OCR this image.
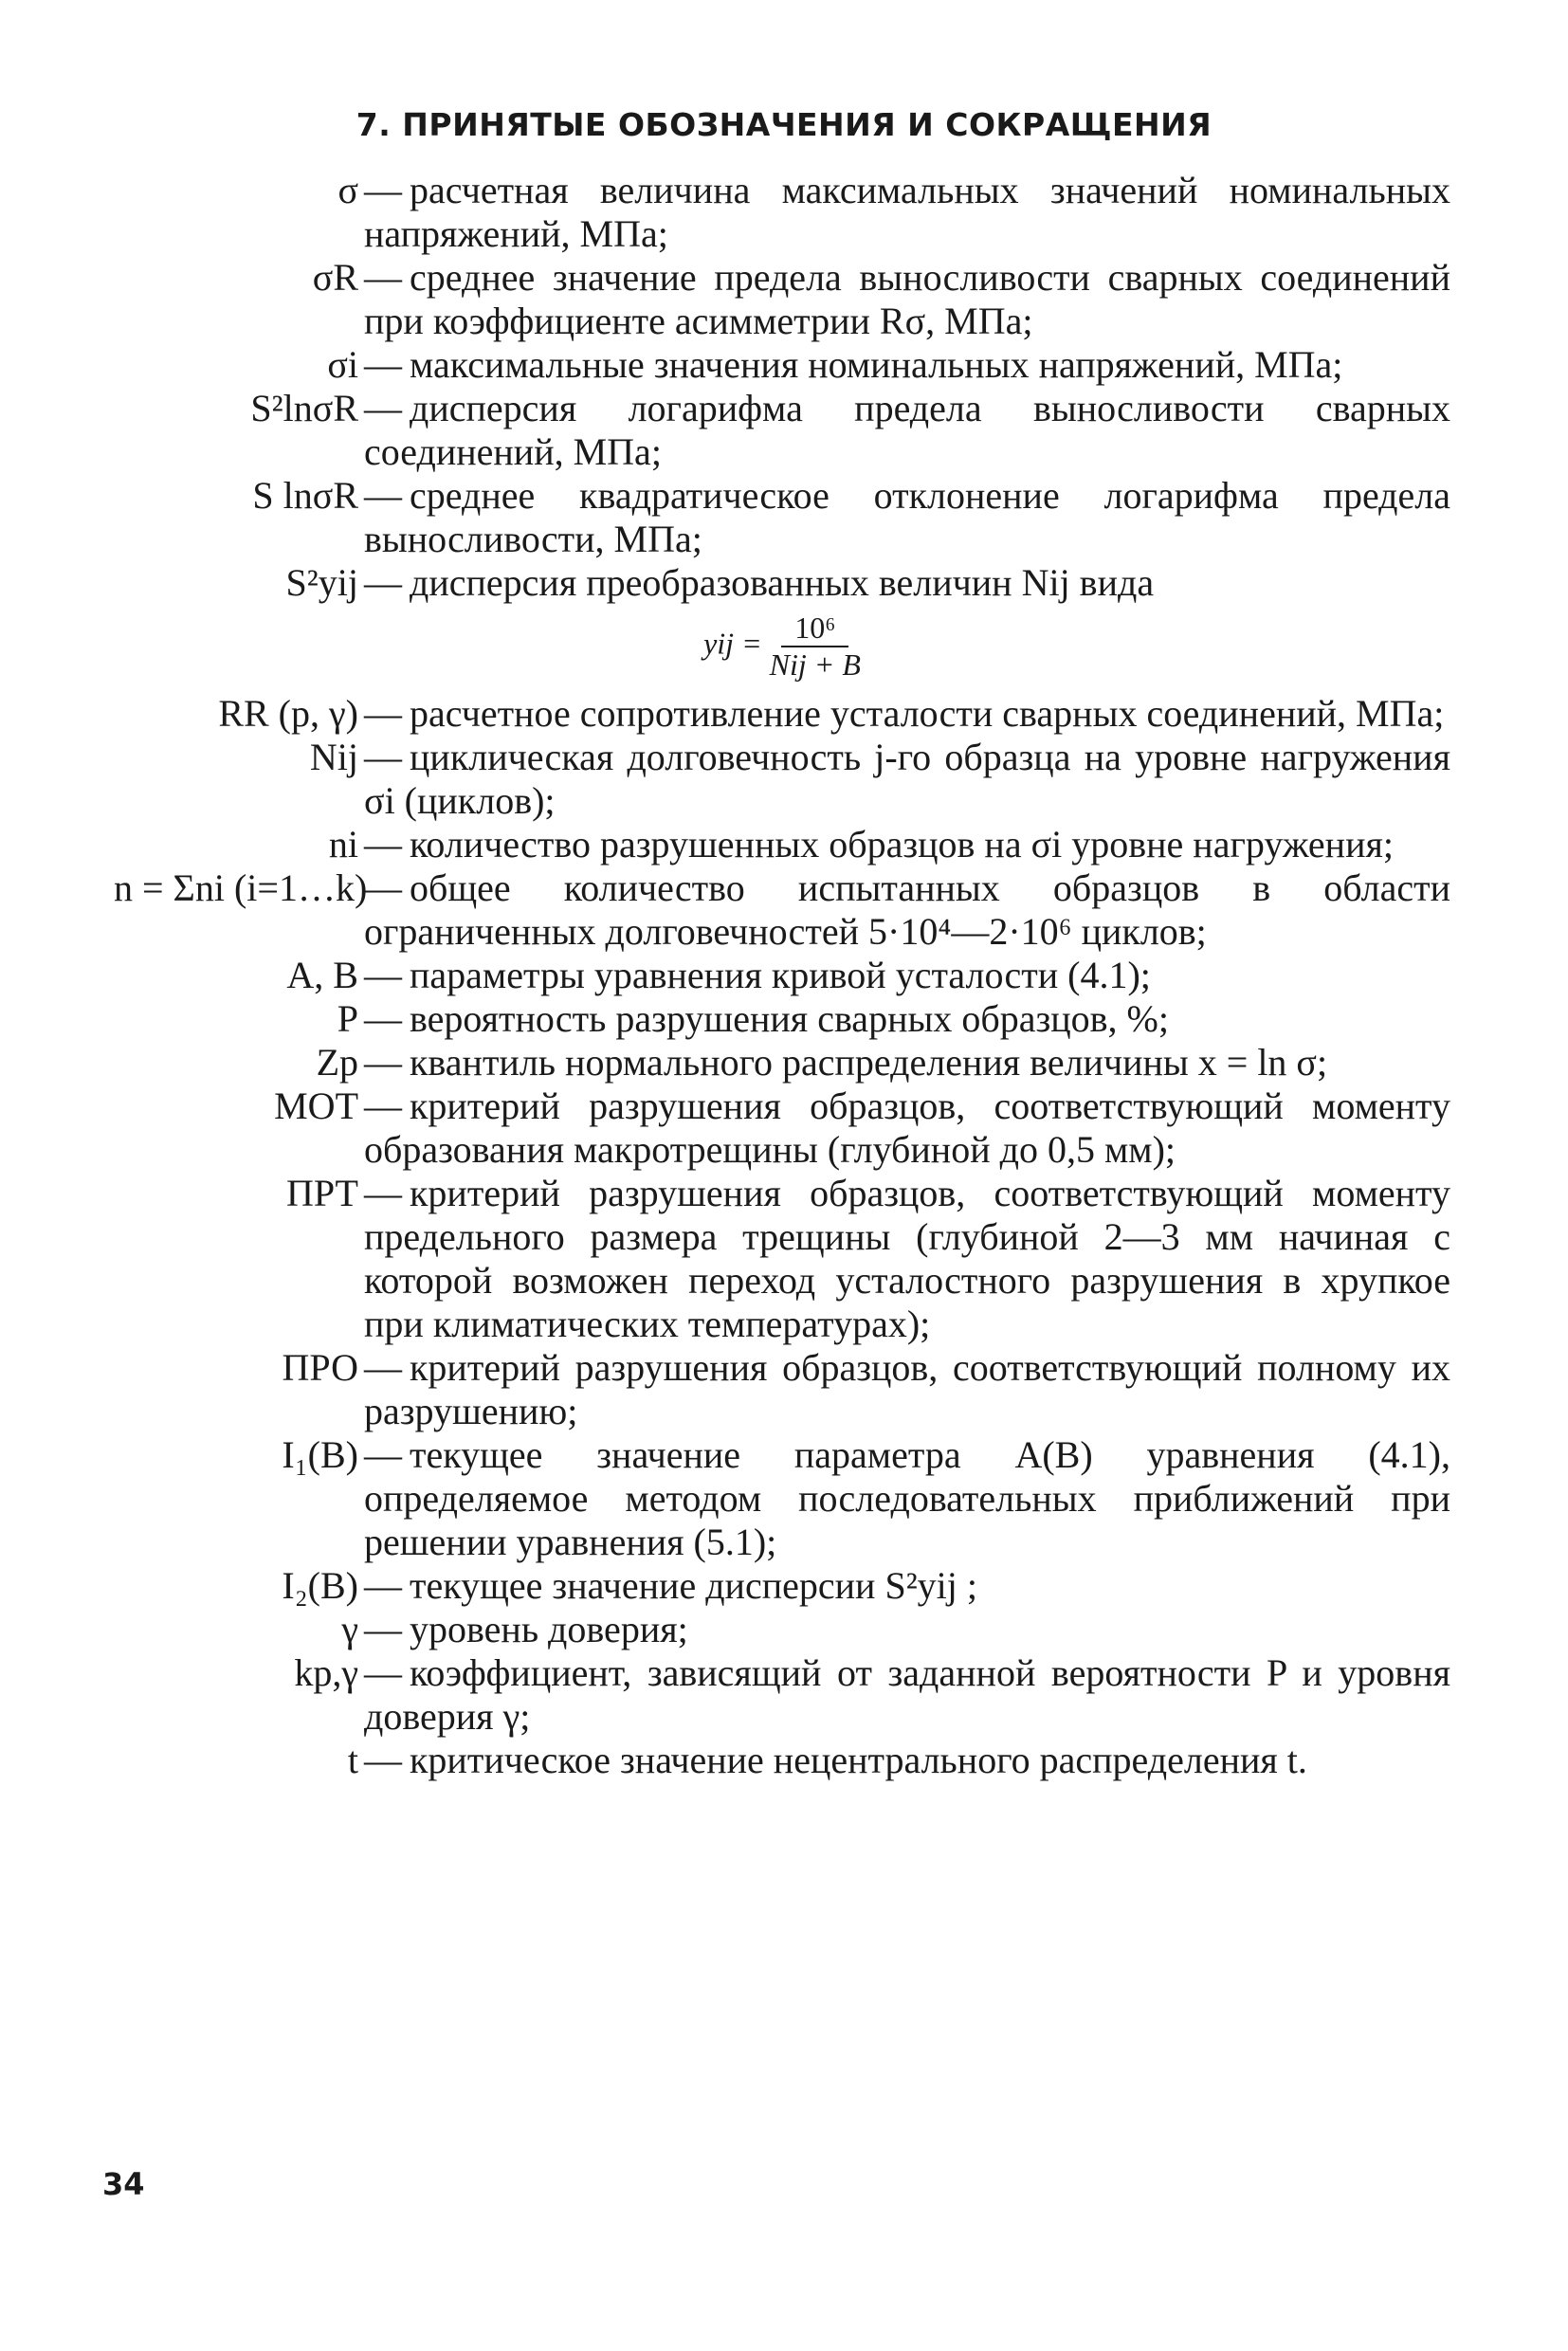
7. ПРИНЯТЫЕ ОБОЗНАЧЕНИЯ И СОКРАЩЕНИЯ
σ — расчетная величина максимальных значений номинальных напряжений, МПа;
σR — среднее значение предела выносливости сварных соединений при коэффициенте асимметрии Rσ, МПа;
σi — максимальные значения номинальных напряжений, МПа;
S²lnσR — дисперсия логарифма предела выносливости сварных соединений, МПа;
S lnσR — среднее квадратическое отклонение логарифма предела выносливости, МПа;
S²yij — дисперсия преобразованных величин Nij вида
yij = $\frac{\text{10⁶}}{\text{Nij + B}}$
RR (p, γ) — расчетное сопротивление усталости сварных соединений, МПа;
Nij — циклическая долговечность j-го образца на уровне нагружения σi (циклов);
ni — количество разрушенных образцов на σi уровне нагружения;
n = Σni (i=1…k)
— общее количество испытанных образцов в области ограниченных долговечностей 5·10⁴—2·10⁶ циклов;
A, B — параметры уравнения кривой усталости (4.1);
P — вероятность разрушения сварных образцов, %;
Zp — квантиль нормального распределения величины x = ln σ;
МОТ — критерий разрушения образцов, соответствующий моменту образования макротрещины (глубиной до 0,5 мм);
ПРТ — критерий разрушения образцов, соответствующий моменту предельного размера трещины (глубиной 2—3 мм начиная с которой возможен переход усталостного разрушения в хрупкое при климатических температурах);
ПРО — критерий разрушения образцов, соответствующий полному их разрушению;
I₁(B) — текущее значение параметра A(B) уравнения (4.1), определяемое методом последовательных приближений при решении уравнения (5.1);
I₂(B) — текущее значение дисперсии S²yij ;
γ — уровень доверия;
kp,γ — коэффициент, зависящий от заданной вероятности P и уровня доверия γ;
t — критическое значение нецентрального распределения t.
34
